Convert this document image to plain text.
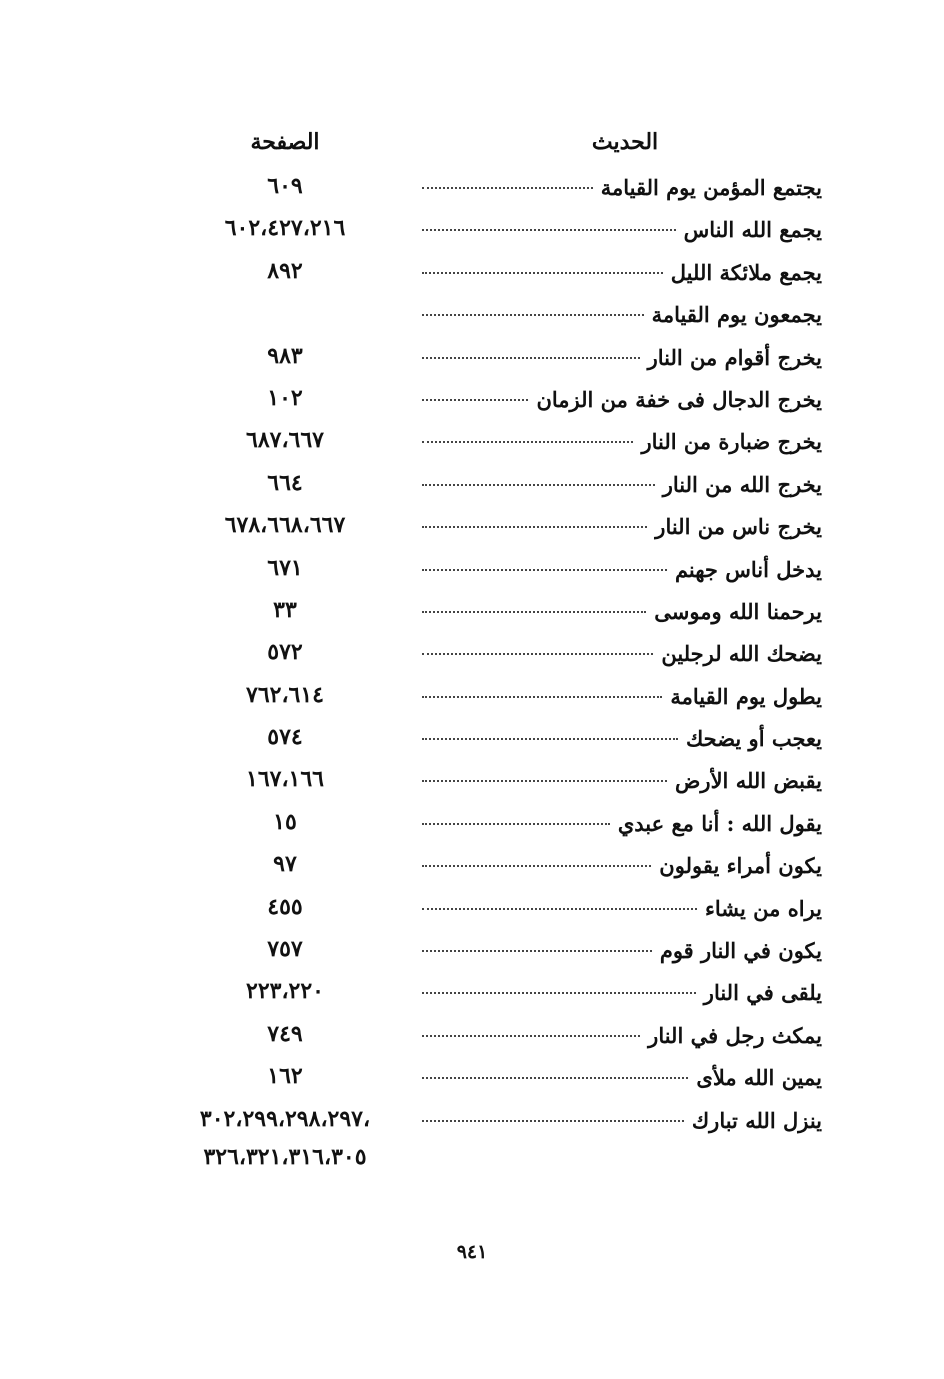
الحديث
الصفحة
يجتمع المؤمن يوم القيامة
٦٠٩
يجمع الله الناس
٦٠٢،٤٢٧،٢١٦
يجمع ملائكة الليل
٨٩٢
يجمعون يوم القيامة
يخرج أقوام من النار
٩٨٣
يخرج الدجال فى خفة من الزمان
١٠٢
يخرج ضبارة من النار
٦٨٧،٦٦٧
يخرج الله من النار
٦٦٤
يخرج ناس من النار
٦٧٨،٦٦٨،٦٦٧
يدخل أناس جهنم
٦٧١
يرحمنا الله وموسى
٣٣
يضحك الله لرجلين
٥٧٢
يطول يوم القيامة
٧٦٢،٦١٤
يعجب أو يضحك
٥٧٤
يقبض الله الأرض
١٦٧،١٦٦
يقول الله : أنا مع عبدي
١٥
يكون أمراء يقولون
٩٧
يراه من يشاء
٤٥٥
يكون في النار قوم
٧٥٧
يلقى في النار
٢٢٣،٢٢٠
يمكث رجل في النار
٧٤٩
يمين الله ملأى
١٦٢
ينزل الله تبارك
،٣٠٢،٢٩٩،٢٩٨،٢٩٧
٣٢٦،٣٢١،٣١٦،٣٠٥
٩٤١
